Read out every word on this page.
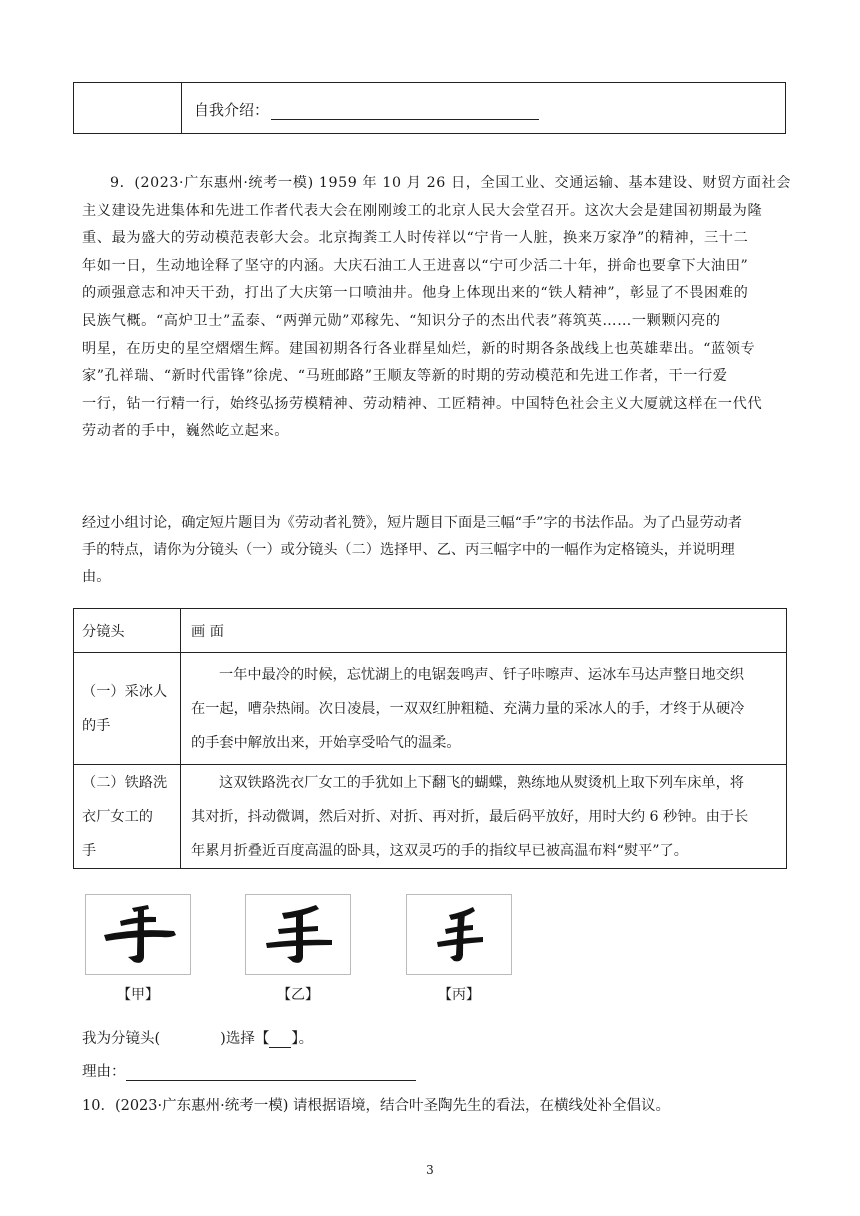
自我介绍：
9．(2023·广东惠州·统考一模) 1959 年 10 月 26 日，全国工业、交通运输、基本建设、财贸方面社会
主义建设先进集体和先进工作者代表大会在刚刚竣工的北京人民大会堂召开。这次大会是建国初期最为隆
重、最为盛大的劳动模范表彰大会。北京掏粪工人时传祥以“宁肯一人脏，换来万家净”的精神，三十二
年如一日，生动地诠释了坚守的内涵。大庆石油工人王进喜以“宁可少活二十年，拼命也要拿下大油田”
的顽强意志和冲天干劲，打出了大庆第一口喷油井。他身上体现出来的“铁人精神”，彰显了不畏困难的
民族气概。“高炉卫士”孟泰、“两弹元勋”邓稼先、“知识分子的杰出代表”蒋筑英……一颗颗闪亮的
明星，在历史的星空熠熠生辉。建国初期各行各业群星灿烂，新的时期各条战线上也英雄辈出。“蓝领专
家”孔祥瑞、“新时代雷锋”徐虎、“马班邮路”王顺友等新的时期的劳动模范和先进工作者，干一行爱
一行，钻一行精一行，始终弘扬劳模精神、劳动精神、工匠精神。中国特色社会主义大厦就这样在一代代
劳动者的手中，巍然屹立起来。
经过小组讨论，确定短片题目为《劳动者礼赞》，短片题目下面是三幅“手”字的书法作品。为了凸显劳动者
手的特点，请你为分镜头（一）或分镜头（二）选择甲、乙、丙三幅字中的一幅作为定格镜头，并说明理
由。
分镜头	画 面

（一）采冰人
的手	一年中最冷的时候，忘忧湖上的电锯轰鸣声、钎子咔嚓声、运冰车马达声整日地交织
在一起，嘈杂热闹。次日凌晨，一双双红肿粗糙、充满力量的采冰人的手，才终于从硬冷
的手套中解放出来，开始享受哈气的温柔。

（二）铁路洗
衣厂女工的
手	这双铁路洗衣厂女工的手犹如上下翻飞的蝴蝶，熟练地从熨烫机上取下列车床单，将
其对折，抖动微调，然后对折、对折、再对折，最后码平放好，用时大约 6 秒钟。由于长
年累月折叠近百度高温的卧具，这双灵巧的手的指纹早已被高温布料“熨平”了。
【甲】	【乙】	【丙】
我为分镜头(	)选择【 】。
理由：
10．(2023·广东惠州·统考一模) 请根据语境，结合叶圣陶先生的看法，在横线处补全倡议。
3
